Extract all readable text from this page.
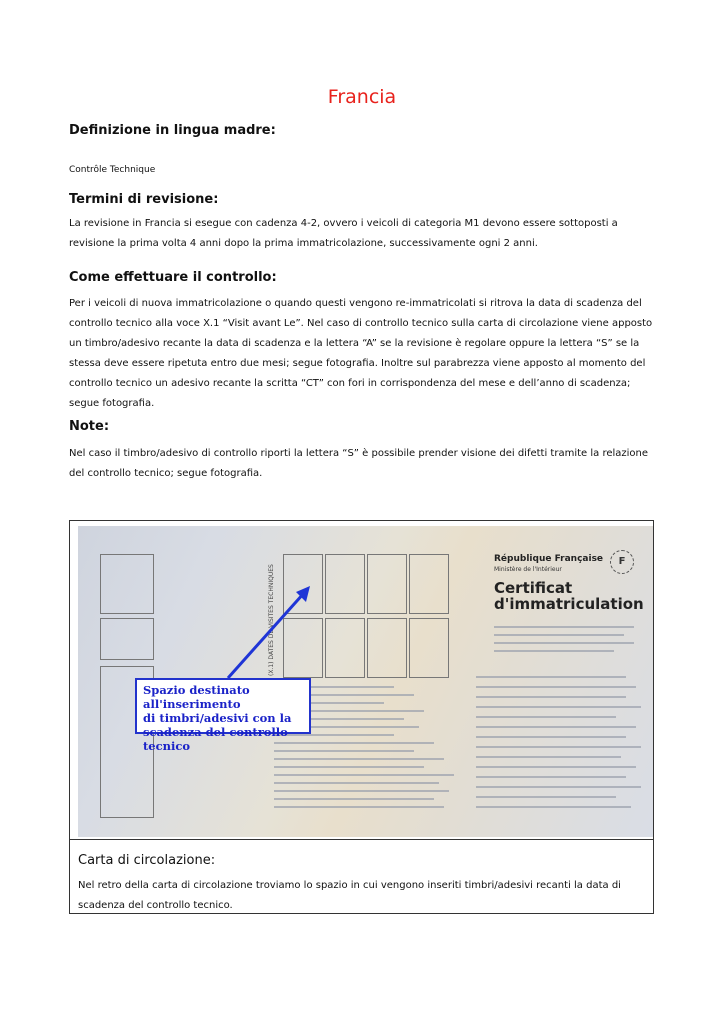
Francia
Definizione in lingua madre:

Contrôle Technique

Termini di revisione:

La revisione in Francia si esegue con cadenza 4-2, ovvero i veicoli di categoria M1 devono essere sottoposti a revisione la prima volta 4 anni dopo la prima immatricolazione, successivamente ogni 2 anni.

Come effettuare il controllo:

Per i veicoli di nuova immatricolazione o quando questi vengono re-immatricolati si ritrova la data di scadenza del controllo tecnico alla voce X.1 “Visit avant Le”. Nel caso di controllo tecnico sulla carta di circolazione viene apposto un timbro/adesivo recante la data di scadenza e la lettera “A” se la revisione è regolare oppure la lettera “S” se la stessa deve essere ripetuta entro due mesi; segue fotografia. Inoltre sul parabrezza viene apposto al momento del controllo tecnico un adesivo recante la scritta “CT” con fori in corrispondenza del mese e dell’anno di scadenza; segue fotografia.

Note:

Nel caso il timbro/adesivo di controllo riporti la lettera “S” è possibile prender visione dei difetti tramite la relazione del controllo tecnico; segue fotografia.

(X.1) DATES DE VISITES TECHNIQUES
République Française
Ministère de l'Intérieur
Certificat
d'immatriculation
F
Spazio destinato all'inserimento
di timbri/adesivi con la
scadenza del controllo tecnico
Carta di circolazione:
Nel retro della carta di circolazione troviamo lo spazio in cui vengono inseriti timbri/adesivi recanti la data di scadenza del controllo tecnico.
